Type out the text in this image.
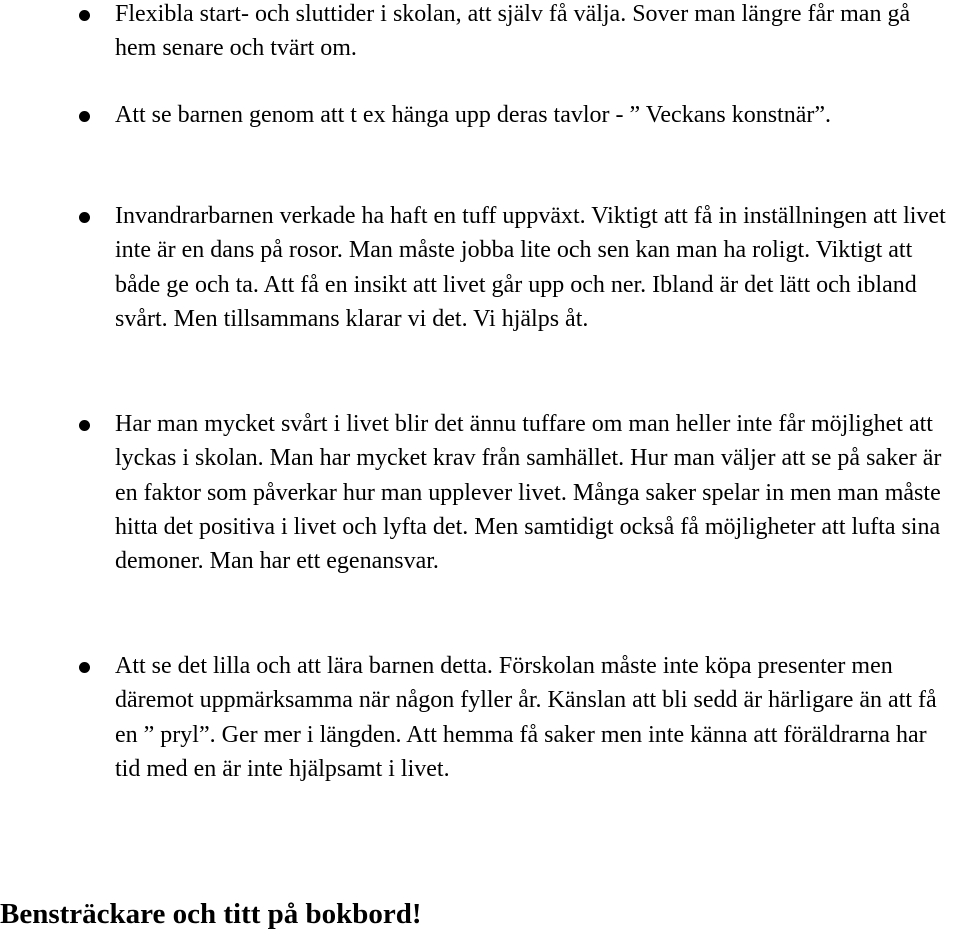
Flexibla start- och sluttider i skolan, att själv få välja. Sover man längre får man gå hem senare och tvärt om.
Att se barnen genom att t ex hänga upp deras tavlor - ” Veckans konstnär”.
Invandrarbarnen verkade ha haft en tuff uppväxt. Viktigt att få in inställningen att livet inte är en dans på rosor. Man måste jobba lite och sen kan man ha roligt. Viktigt att både ge och ta. Att få en insikt att livet går upp och ner. Ibland är det lätt och ibland svårt. Men tillsammans klarar vi det. Vi hjälps åt.
Har man mycket svårt i livet blir det ännu tuffare om man heller inte får möjlighet att lyckas i skolan. Man har mycket krav från samhället. Hur man väljer att se på saker är en faktor som påverkar hur man upplever livet. Många saker spelar in men man måste hitta det positiva i livet och lyfta det. Men samtidigt också få möjligheter att lufta sina demoner. Man har ett egenansvar.
Att se det lilla och att lära barnen detta. Förskolan måste inte köpa presenter men däremot uppmärksamma när någon fyller år. Känslan att bli sedd är härligare än att få en ” pryl”. Ger mer i längden. Att hemma få saker men inte känna att föräldrarna har tid med en är inte hjälpsamt i livet.
Bensträckare och titt på bokbord!
